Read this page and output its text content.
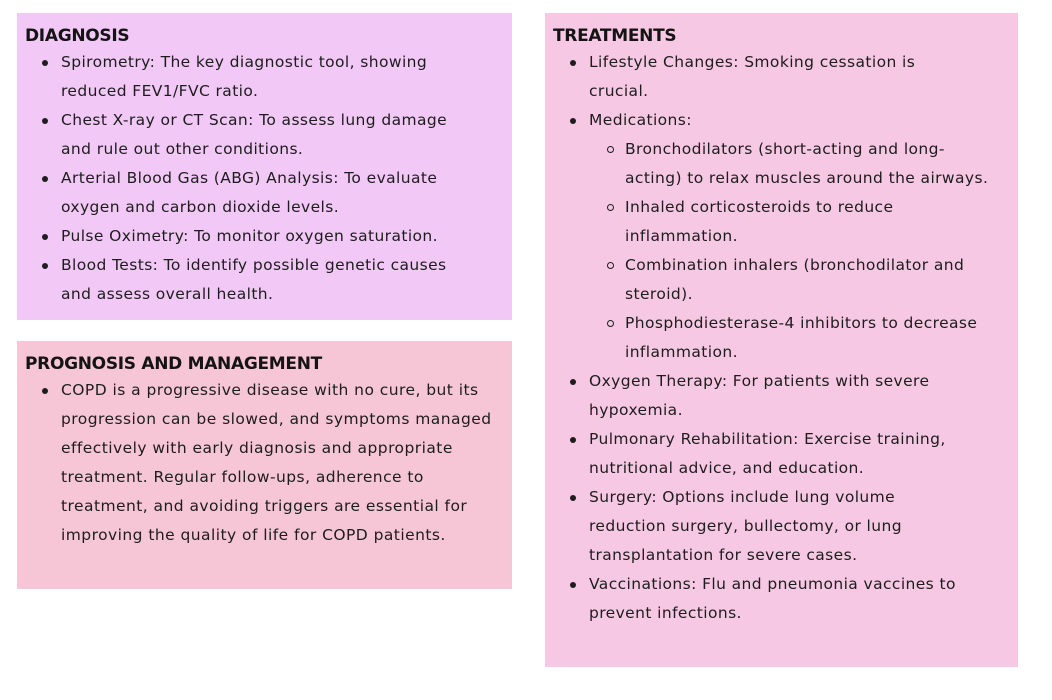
DIAGNOSIS
Spirometry: The key diagnostic tool, showing reduced FEV1/FVC ratio.
Chest X-ray or CT Scan: To assess lung damage and rule out other conditions.
Arterial Blood Gas (ABG) Analysis: To evaluate oxygen and carbon dioxide levels.
Pulse Oximetry: To monitor oxygen saturation.
Blood Tests: To identify possible genetic causes and assess overall health.
PROGNOSIS AND MANAGEMENT
COPD is a progressive disease with no cure, but its progression can be slowed, and symptoms managed effectively with early diagnosis and appropriate treatment. Regular follow-ups, adherence to treatment, and avoiding triggers are essential for improving the quality of life for COPD patients.
TREATMENTS
Lifestyle Changes: Smoking cessation is crucial.
Medications:
Bronchodilators (short-acting and long-acting) to relax muscles around the airways.
Inhaled corticosteroids to reduce inflammation.
Combination inhalers (bronchodilator and steroid).
Phosphodiesterase-4 inhibitors to decrease inflammation.
Oxygen Therapy: For patients with severe hypoxemia.
Pulmonary Rehabilitation: Exercise training, nutritional advice, and education.
Surgery: Options include lung volume reduction surgery, bullectomy, or lung transplantation for severe cases.
Vaccinations: Flu and pneumonia vaccines to prevent infections.
